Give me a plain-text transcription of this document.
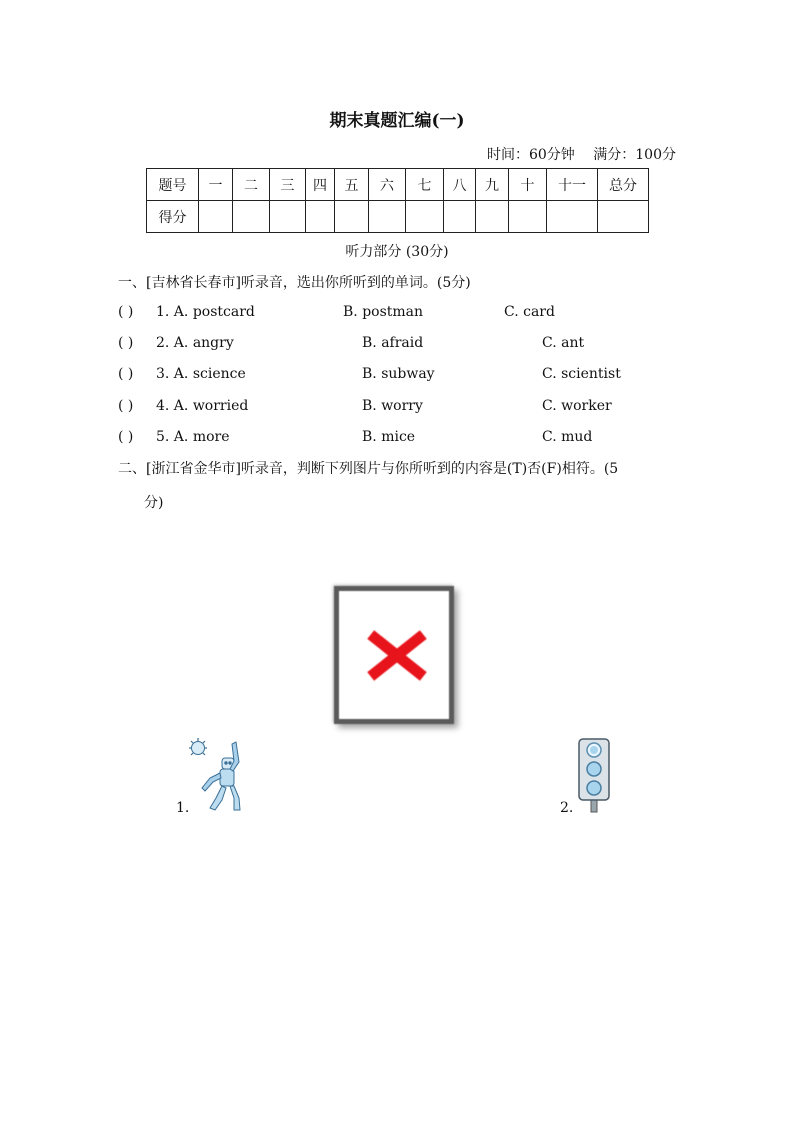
期末真题汇编(一)
时间：60分钟 满分：100分
题号	一	二	三	四	五	六	七	八	九	十	十一	总分
得分												
听力部分 (30分)
一、[吉林省长春市]听录音，选出你所听到的单词。(5分)
( ) 1. A. postcard	B. postman	C. card
( ) 2. A. angry	B. afraid	C. ant
( ) 3. A. science	B. subway	C. scientist
( ) 4. A. worried	B. worry	C. worker
( ) 5. A. more	B. mice	C. mud
二、[浙江省金华市]听录音，判断下列图片与你所听到的内容是(T)否(F)相符。(5
分)
1.	2.
